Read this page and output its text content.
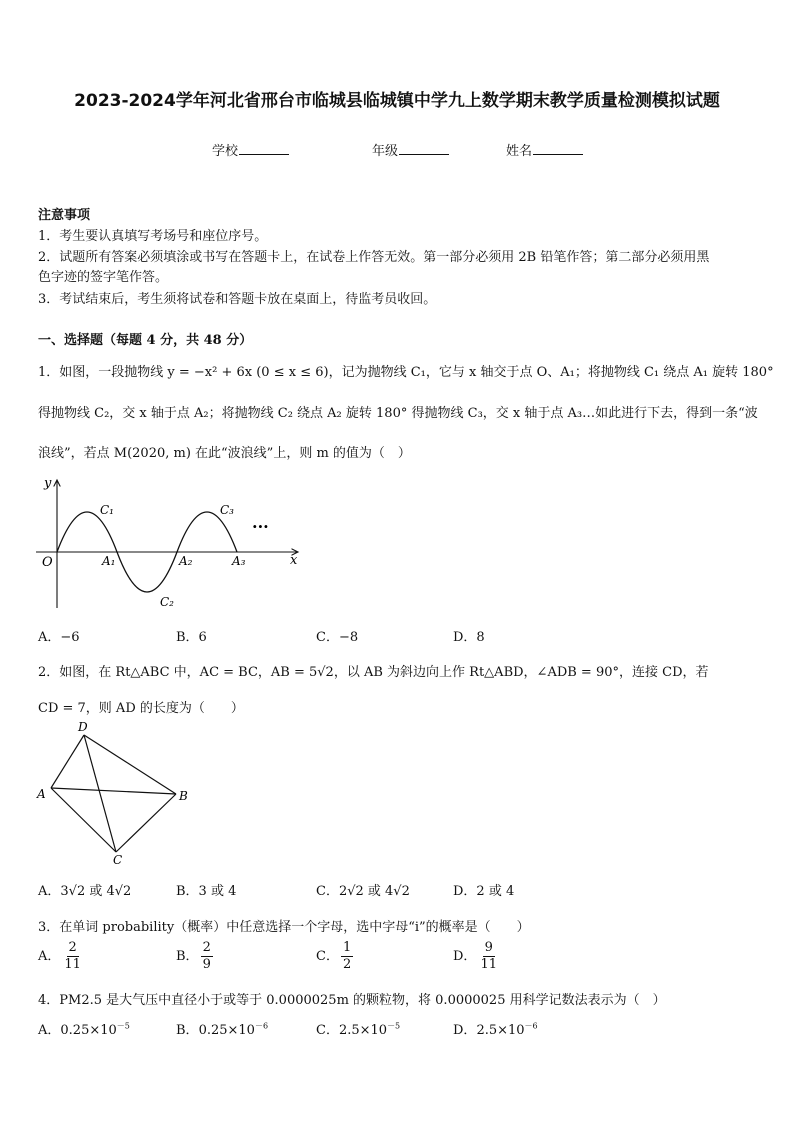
2023-2024学年河北省邢台市临城县临城镇中学九上数学期末教学质量检测模拟试题
学校	年级	姓名
注意事项
1．考生要认真填写考场号和座位序号。
2．试题所有答案必须填涂或书写在答题卡上，在试卷上作答无效。第一部分必须用 2B 铅笔作答；第二部分必须用黑
色字迹的签字笔作答。
3．考试结束后，考生须将试卷和答题卡放在桌面上，待监考员收回。
一、选择题（每题 4 分，共 48 分）
1．如图，一段抛物线 y = −x² + 6x (0 ≤ x ≤ 6)，记为抛物线 C₁，它与 x 轴交于点 O、A₁；将抛物线 C₁ 绕点 A₁ 旋转 180°
得抛物线 C₂，交 x 轴于点 A₂；将抛物线 C₂ 绕点 A₂ 旋转 180° 得抛物线 C₃，交 x 轴于点 A₃…如此进行下去，得到一条“波
浪线”，若点 M(2020, m) 在此“波浪线”上，则 m 的值为（　）
y
x
O	A₁	A₂	A₃
C₁
C₂
C₃
···
A．−6	B．6	C．−8	D．8
2．如图，在 Rt△ABC 中，AC = BC，AB = 5√2，以 AB 为斜边向上作 Rt△ABD，∠ADB = 90°，连接 CD，若
CD = 7，则 AD 的长度为（　　）
A	B
C
D
A．3√2 或 4√2	B．3 或 4	C．2√2 或 4√2	D．2 或 4
3．在单词 probability（概率）中任意选择一个字母，选中字母“i”的概率是（　　）
A． $\frac{2}{11}$	B． $\frac{2}{9}$	C． $\frac{1}{2}$	D． $\frac{9}{11}$
4．PM2.5 是大气压中直径小于或等于 0.0000025m 的颗粒物，将 0.0000025 用科学记数法表示为（　）
A．$0.25\times 10^{-5}$	B．$0.25\times 10^{-6}$	C．$2.5\times 10^{-5}$	D．$2.5\times 10^{-6}$
